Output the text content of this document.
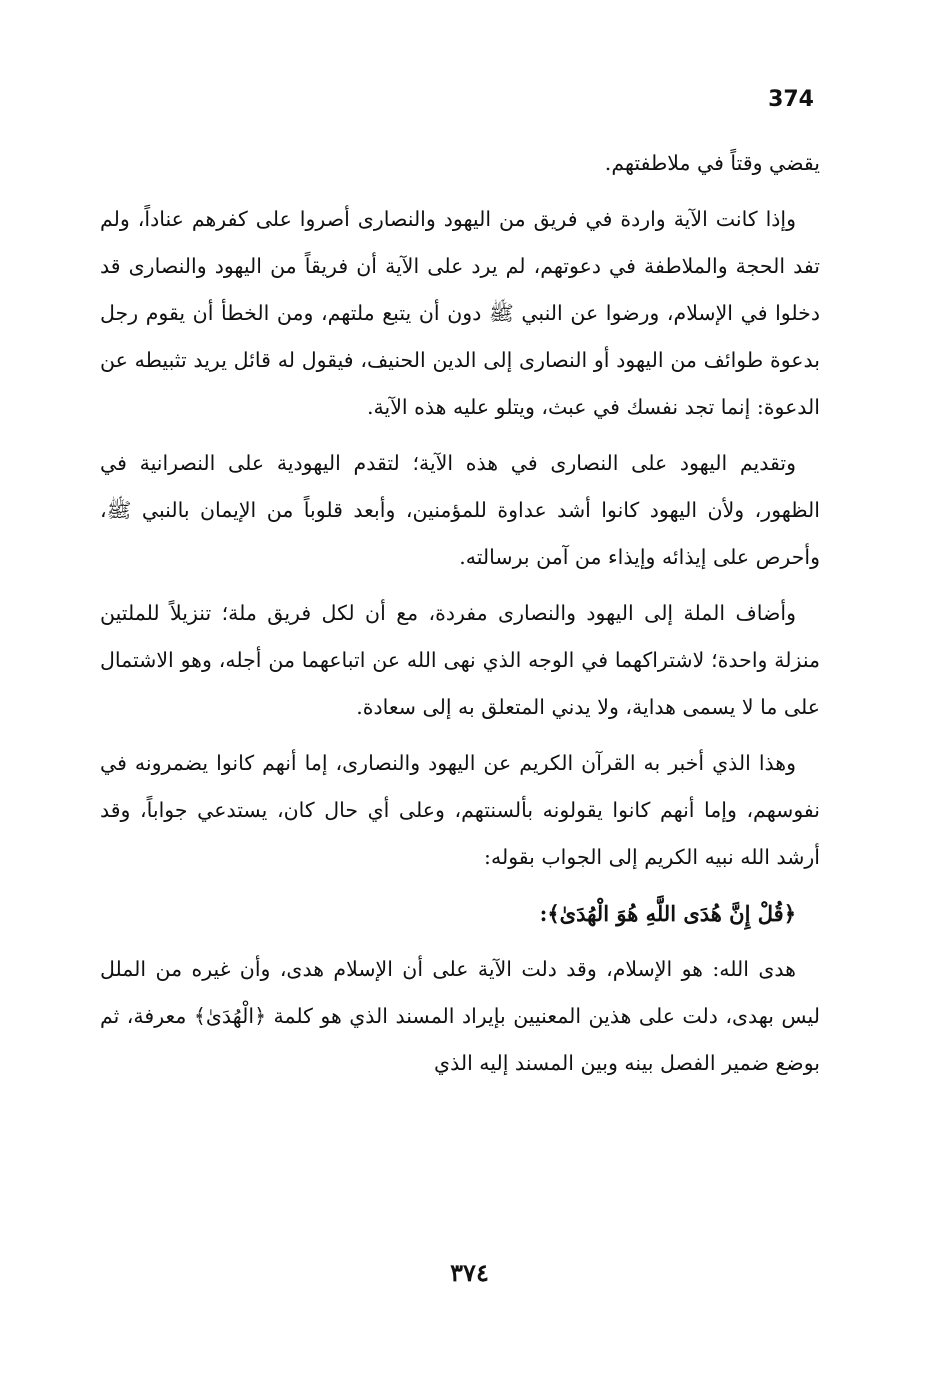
374

يقضي وقتاً في ملاطفتهم.

وإذا كانت الآية واردة في فريق من اليهود والنصارى أصروا على كفرهم عناداً، ولم تفد الحجة والملاطفة في دعوتهم، لم يرد على الآية أن فريقاً من اليهود والنصارى قد دخلوا في الإسلام، ورضوا عن النبي ﷺ دون أن يتبع ملتهم، ومن الخطأ أن يقوم رجل بدعوة طوائف من اليهود أو النصارى إلى الدين الحنيف، فيقول له قائل يريد تثبيطه عن الدعوة: إنما تجد نفسك في عبث، ويتلو عليه هذه الآية.

وتقديم اليهود على النصارى في هذه الآية؛ لتقدم اليهودية على النصرانية في الظهور، ولأن اليهود كانوا أشد عداوة للمؤمنين، وأبعد قلوباً من الإيمان بالنبي ﷺ، وأحرص على إيذائه وإيذاء من آمن برسالته.

وأضاف الملة إلى اليهود والنصارى مفردة، مع أن لكل فريق ملة؛ تنزيلاً للملتين منزلة واحدة؛ لاشتراكهما في الوجه الذي نهى الله عن اتباعهما من أجله، وهو الاشتمال على ما لا يسمى هداية، ولا يدني المتعلق به إلى سعادة.

وهذا الذي أخبر به القرآن الكريم عن اليهود والنصارى، إما أنهم كانوا يضمرونه في نفوسهم، وإما أنهم كانوا يقولونه بألسنتهم، وعلى أي حال كان، يستدعي جواباً، وقد أرشد الله نبيه الكريم إلى الجواب بقوله:

﴿قُلْ إِنَّ هُدَى اللَّهِ هُوَ الْهُدَىٰ﴾:

هدى الله: هو الإسلام، وقد دلت الآية على أن الإسلام هدى، وأن غيره من الملل ليس بهدى، دلت على هذين المعنيين بإيراد المسند الذي هو كلمة ﴿الْهُدَىٰ﴾ معرفة، ثم بوضع ضمير الفصل بينه وبين المسند إليه الذي

٣٧٤
